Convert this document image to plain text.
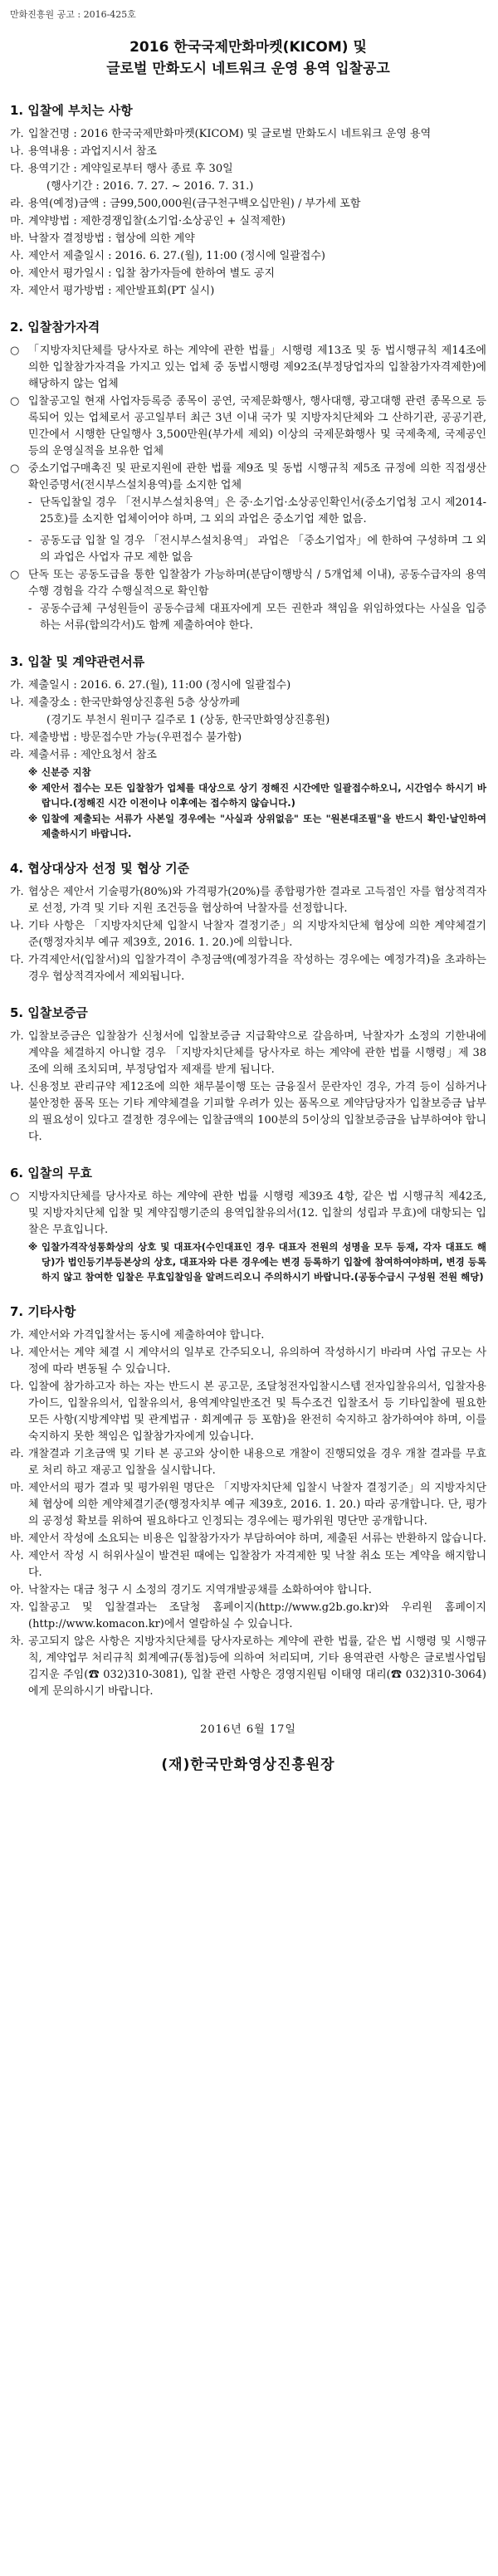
만화진흥원 공고 : 2016-425호
2016 한국국제만화마켓(KICOM) 및
글로벌 만화도시 네트워크 운영 용역 입찰공고
1. 입찰에 부치는 사항
가. 입찰건명 : 2016 한국국제만화마켓(KICOM) 및 글로벌 만화도시 네트워크 운영 용역
나. 용역내용 : 과업지시서 참조
다. 용역기간 : 계약일로부터 행사 종료 후 30일
(행사기간 : 2016. 7. 27. ~ 2016. 7. 31.)
라. 용역(예정)금액 : 금99,500,000원(금구천구백오십만원) / 부가세 포함
마. 계약방법 : 제한경쟁입찰(소기업·소상공인 + 실적제한)
바. 낙찰자 결정방법 : 협상에 의한 계약
사. 제안서 제출일시 : 2016. 6. 27.(월), 11:00 (정시에 일괄접수)
아. 제안서 평가일시 : 입찰 참가자들에 한하여 별도 공지
자. 제안서 평가방법 : 제안발표회(PT 실시)
2. 입찰참가자격
○ 「지방자치단체를 당사자로 하는 계약에 관한 법률」시행령 제13조 및 동 법시행규칙 제14조에의한 입찰참가자격을 가지고 있는 업체 중 동법시행령 제92조(부정당업자의 입찰참가자격제한)에 해당하지 않는 업체
○ 입찰공고일 현재 사업자등록증 종목이 공연, 국제문화행사, 행사대행, 광고대행 관련 종목으로 등록되어 있는 업체로서 공고일부터 최근 3년 이내 국가 및 지방자치단체와 그 산하기관, 공공기관, 민간에서 시행한 단일행사 3,500만원(부가세 제외) 이상의 국제문화행사 및 국제축제, 국제공인 등의 운영실적을 보유한 업체
○ 중소기업구매촉진 및 판로지원에 관한 법률 제9조 및 동법 시행규칙 제5조 규정에 의한 직접생산확인증명서(전시부스설치용역)를 소지한 업체
- 단독입찰일 경우 「전시부스설치용역」은 중·소기업·소상공인확인서(중소기업청 고시 제2014-25호)를 소지한 업체이어야 하며, 그 외의 과업은 중소기업 제한 없음.
- 공동도급 입찰 일 경우 「전시부스설치용역」 과업은 「중소기업자」에 한하여 구성하며 그 외의 과업은 사업자 규모 제한 없음
○ 단독 또는 공동도급을 통한 입찰참가 가능하며(분담이행방식 / 5개업체 이내), 공동수급자의 용역수행 경험을 각각 수행실적으로 확인함
- 공동수급체 구성원들이 공동수급체 대표자에게 모든 권한과 책임을 위임하였다는 사실을 입증하는 서류(합의각서)도 함께 제출하여야 한다.
3. 입찰 및 계약관련서류
가. 제출일시 : 2016. 6. 27.(월), 11:00 (정시에 일괄접수)
나. 제출장소 : 한국만화영상진흥원 5층 상상까페
(경기도 부천시 원미구 길주로 1 (상동, 한국만화영상진흥원)
다. 제출방법 : 방문접수만 가능(우편접수 불가함)
라. 제출서류 : 제안요청서 참조
※ 신분증 지참
※ 제안서 접수는 모든 입찰참가 업체를 대상으로 상기 정해진 시간에만 일괄접수하오니, 시간엄수 하시기 바랍니다.(정해진 시간 이전이나 이후에는 접수하지 않습니다.)
※ 입찰에 제출되는 서류가 사본일 경우에는 "사실과 상위없음" 또는 "원본대조필"을 반드시 확인·날인하여 제출하시기 바랍니다.
4. 협상대상자 선정 및 협상 기준
가. 협상은 제안서 기술평가(80%)와 가격평가(20%)를 종합평가한 결과로 고득점인 자를 협상적격자로 선정, 가격 및 기타 지원 조건등을 협상하여 낙찰자를 선정합니다.
나. 기타 사항은 「지방자치단체 입찰시 낙찰자 결정기준」의 지방자치단체 협상에 의한 계약체결기준(행정자치부 예규 제39호, 2016. 1. 20.)에 의합니다.
다. 가격제안서(입찰서)의 입찰가격이 추정금액(예정가격을 작성하는 경우에는 예정가격)을 초과하는 경우 협상적격자에서 제외됩니다.
5. 입찰보증금
가. 입찰보증금은 입찰참가 신청서에 입찰보증금 지급확약으로 갈음하며, 낙찰자가 소정의 기한내에 계약을 체결하지 아니할 경우 「지방자치단체를 당사자로 하는 계약에 관한 법률 시행령」제 38조에 의해 조치되며, 부정당업자 제재를 받게 됩니다.
나. 신용정보 관리규약 제12조에 의한 채무불이행 또는 금융질서 문란자인 경우, 가격 등이 심하거나 불안정한 품목 또는 기타 계약체결을 기피할 우려가 있는 품목으로 계약담당자가 입찰보증금 납부의 필요성이 있다고 결정한 경우에는 입찰금액의 100분의 5이상의 입찰보증금을 납부하여야 합니다.
6. 입찰의 무효
○ 지방자치단체를 당사자로 하는 계약에 관한 법률 시행령 제39조 4항, 같은 법 시행규칙 제42조, 및 지방자치단체 입찰 및 계약집행기준의 용역입찰유의서(12. 입찰의 성립과 무효)에 대항되는 입찰은 무효입니다.
※ 입찰가격작성통화상의 상호 및 대표자(수인대표인 경우 대표자 전원의 성명을 모두 등재, 각자 대표도 해당)가 법인등기부등본상의 상호, 대표자와 다른 경우에는 변경 등록하기 입찰에 참여하여야하며, 변경 등록하지 않고 참여한 입찰은 무효입찰임을 알려드리오니 주의하시기 바랍니다.(공동수급시 구성원 전원 해당)
7. 기타사항
가. 제안서와 가격입찰서는 동시에 제출하여야 합니다.
나. 제안서는 계약 체결 시 계약서의 일부로 간주되오니, 유의하여 작성하시기 바라며 사업 규모는 사정에 따라 변동될 수 있습니다.
다. 입찰에 참가하고자 하는 자는 반드시 본 공고문, 조달청전자입찰시스템 전자입찰유의서, 입찰자용가이드, 입찰유의서, 입찰유의서, 용역계약일반조건 및 특수조건 입찰조서 등 기타입찰에 필요한 모든 사항(지방계약법 및 관계법규 · 회계예규 등 포함)을 완전히 숙지하고 참가하여야 하며, 이를 숙지하지 못한 책임은 입찰참가자에게 있습니다.
라. 개찰결과 기초금액 및 기타 본 공고와 상이한 내용으로 개찰이 진행되었을 경우 개찰 결과를 무효로 처리 하고 재공고 입찰을 실시합니다.
마. 제안서의 평가 결과 및 평가위원 명단은 「지방자치단체 입찰시 낙찰자 결정기준」의 지방자치단체 협상에 의한 계약체결기준(행정자치부 예규 제39호, 2016. 1. 20.) 따라 공개합니다. 단, 평가의 공정성 확보를 위하여 필요하다고 인정되는 경우에는 평가위원 명단만 공개합니다.
바. 제안서 작성에 소요되는 비용은 입찰참가자가 부담하여야 하며, 제출된 서류는 반환하지 않습니다.
사. 제안서 작성 시 허위사실이 발견된 때에는 입찰참가 자격제한 및 낙찰 취소 또는 계약을 해지합니다.
아. 낙찰자는 대금 청구 시 소정의 경기도 지역개발공채를 소화하여야 합니다.
자. 입찰공고 및 입찰결과는 조달청 홈페이지(http://www.g2b.go.kr)와 우리원 홈페이지(http://www.komacon.kr)에서 열람하실 수 있습니다.
차. 공고되지 않은 사항은 지방자치단체를 당사자로하는 계약에 관한 법률, 같은 법 시행령 및 시행규칙, 계약업무 처리규칙 회계예규(통첩)등에 의하여 처리되며, 기타 용역관련 사항은 글로벌사업팀 김지운 주임(☎ 032)310-3081), 입찰 관련 사항은 경영지원팀 이태영 대리(☎ 032)310-3064)에게 문의하시기 바랍니다.
2016년 6월 17일
(재)한국만화영상진흥원장
